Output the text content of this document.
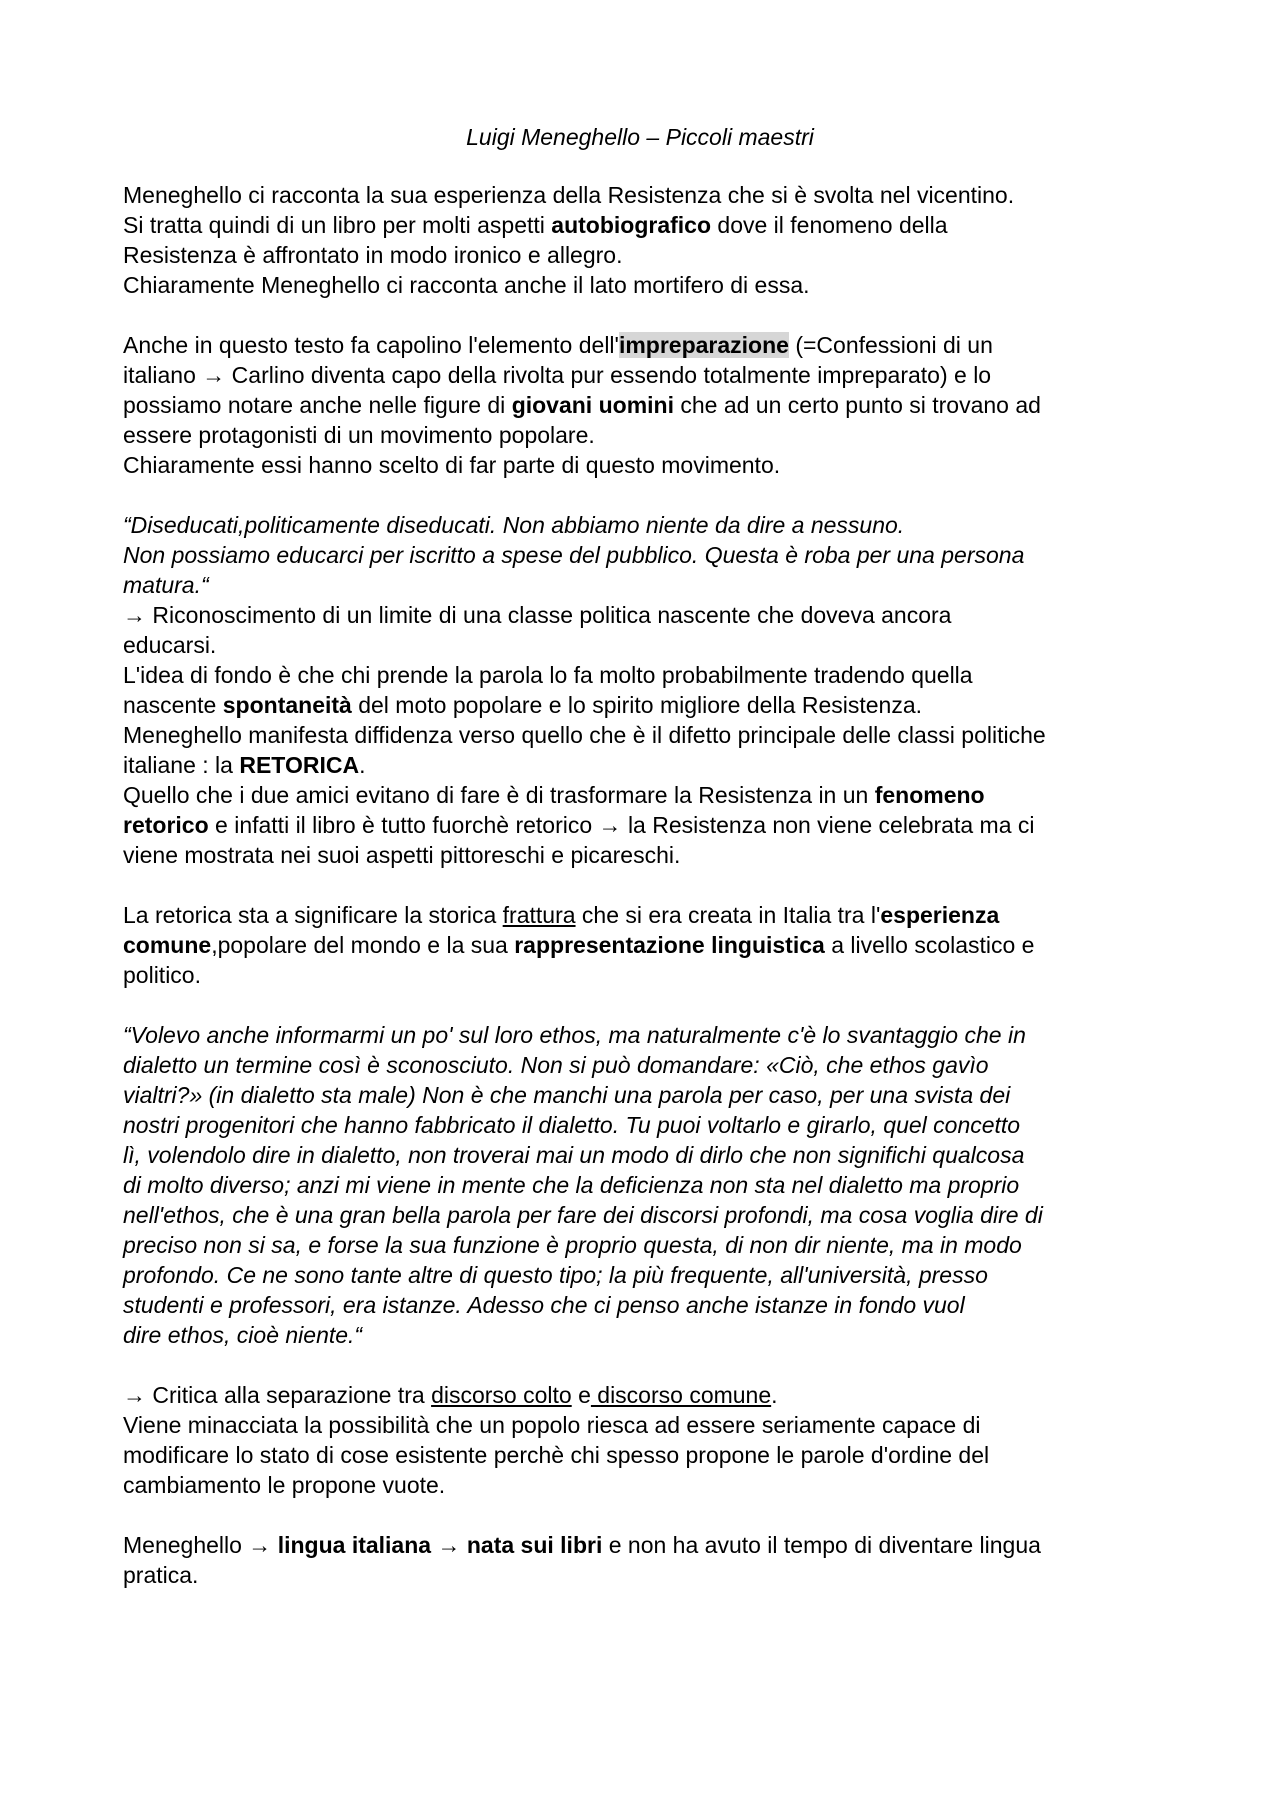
Luigi Meneghello – Piccoli maestri
Meneghello ci racconta la sua esperienza della Resistenza che si è svolta nel vicentino.
Si tratta quindi di un libro per molti aspetti autobiografico dove il fenomeno della
Resistenza è affrontato in modo ironico e allegro.
Chiaramente Meneghello ci racconta anche il lato mortifero di essa.
Anche in questo testo fa capolino l'elemento dell'impreparazione (=Confessioni di un
italiano → Carlino diventa capo della rivolta pur essendo totalmente impreparato) e lo
possiamo notare anche nelle figure di giovani uomini che ad un certo punto si trovano ad
essere protagonisti di un movimento popolare.
Chiaramente essi hanno scelto di far parte di questo movimento.
“Diseducati,politicamente diseducati. Non abbiamo niente da dire a nessuno.
Non possiamo educarci per iscritto a spese del pubblico. Questa è roba per una persona
matura.“
→ Riconoscimento di un limite di una classe politica nascente che doveva ancora
educarsi.
L'idea di fondo è che chi prende la parola lo fa molto probabilmente tradendo quella
nascente spontaneità del moto popolare e lo spirito migliore della Resistenza.
Meneghello manifesta diffidenza verso quello che è il difetto principale delle classi politiche
italiane : la RETORICA.
Quello che i due amici evitano di fare è di trasformare la Resistenza in un fenomeno
retorico e infatti il libro è tutto fuorchè retorico → la Resistenza non viene celebrata ma ci
viene mostrata nei suoi aspetti pittoreschi e picareschi.
La retorica sta a significare la storica frattura che si era creata in Italia tra l'esperienza
comune,popolare del mondo e la sua rappresentazione linguistica a livello scolastico e
politico.
“Volevo anche informarmi un po' sul loro ethos, ma naturalmente c'è lo svantaggio che in
dialetto un termine così è sconosciuto. Non si può domandare: «Ciò, che ethos gavìo
vialtri?» (in dialetto sta male) Non è che manchi una parola per caso, per una svista dei
nostri progenitori che hanno fabbricato il dialetto. Tu puoi voltarlo e girarlo, quel concetto
lì, volendolo dire in dialetto, non troverai mai un modo di dirlo che non significhi qualcosa
di molto diverso; anzi mi viene in mente che la deficienza non sta nel dialetto ma proprio
nell'ethos, che è una gran bella parola per fare dei discorsi profondi, ma cosa voglia dire di
preciso non si sa, e forse la sua funzione è proprio questa, di non dir niente, ma in modo
profondo. Ce ne sono tante altre di questo tipo; la più frequente, all'università, presso
studenti e professori, era istanze. Adesso che ci penso anche istanze in fondo vuol
dire ethos, cioè niente.“
→ Critica alla separazione tra discorso colto e discorso comune.
Viene minacciata la possibilità che un popolo riesca ad essere seriamente capace di
modificare lo stato di cose esistente perchè chi spesso propone le parole d'ordine del
cambiamento le propone vuote.
Meneghello → lingua italiana → nata sui libri e non ha avuto il tempo di diventare lingua
pratica.
